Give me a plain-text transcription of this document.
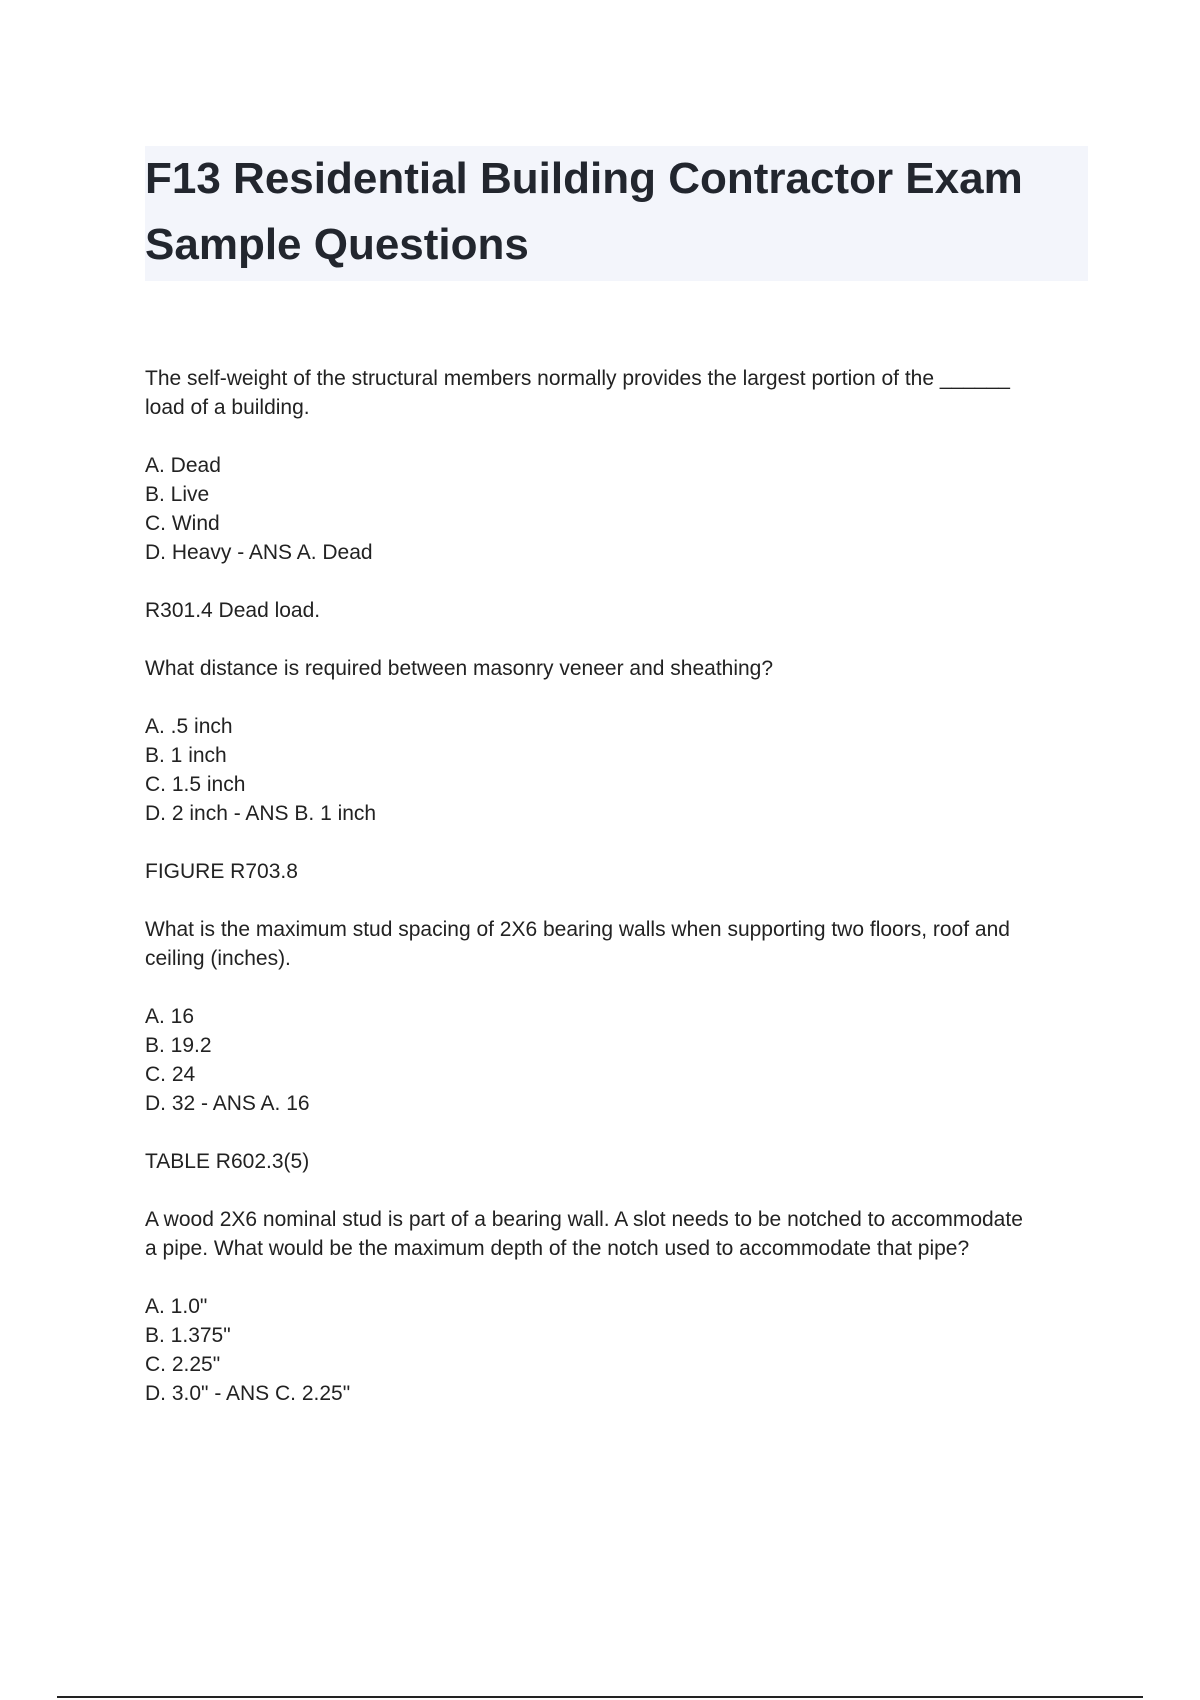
F13 Residential Building Contractor Exam
Sample Questions
The self-weight of the structural members normally provides the largest portion of the ______
load of a building.
A. Dead
B. Live
C. Wind
D. Heavy - ANS A. Dead
R301.4 Dead load.
What distance is required between masonry veneer and sheathing?
A. .5 inch
B. 1 inch
C. 1.5 inch
D. 2 inch - ANS B. 1 inch
FIGURE R703.8
What is the maximum stud spacing of 2X6 bearing walls when supporting two floors, roof and
ceiling (inches).
A. 16
B. 19.2
C. 24
D. 32 - ANS A. 16
TABLE R602.3(5)
A wood 2X6 nominal stud is part of a bearing wall. A slot needs to be notched to accommodate
a pipe. What would be the maximum depth of the notch used to accommodate that pipe?
A. 1.0"
B. 1.375"
C. 2.25"
D. 3.0" - ANS C. 2.25"
